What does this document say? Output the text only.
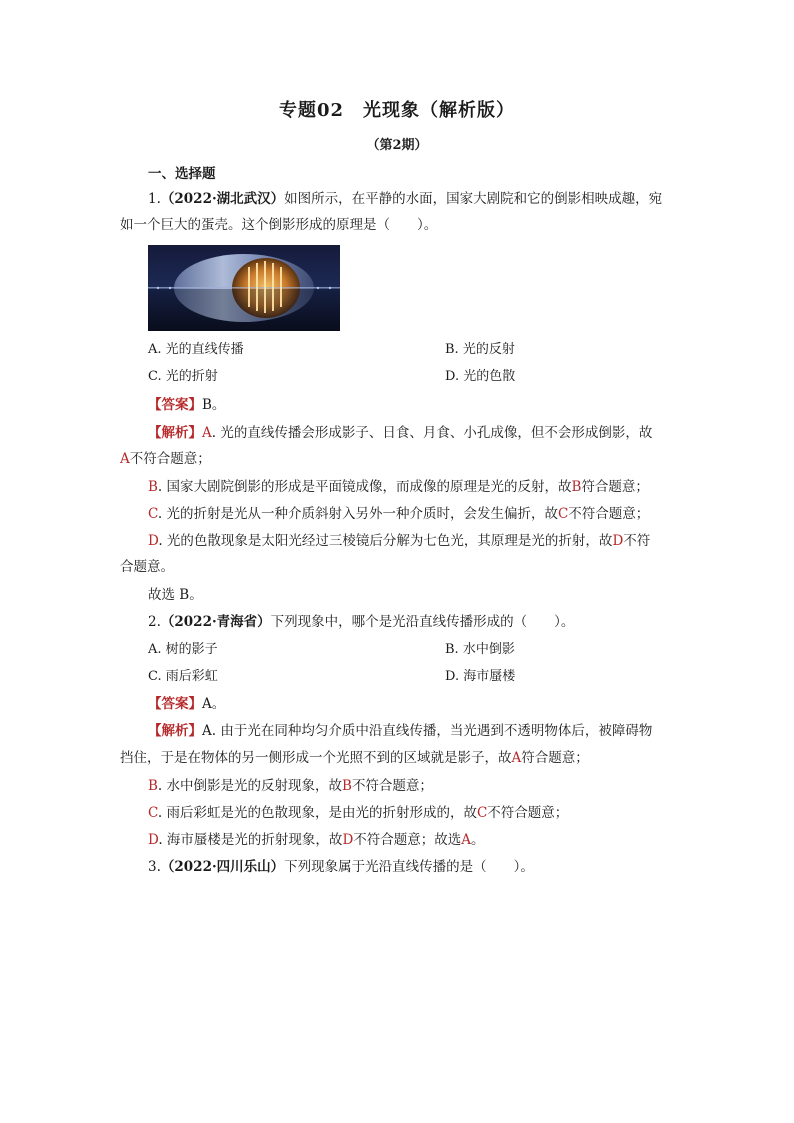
专题02　光现象（解析版）
（第2期）
一、选择题
1.（2022·湖北武汉）如图所示，在平静的水面，国家大剧院和它的倒影相映成趣，宛
如一个巨大的蛋壳。这个倒影形成的原理是（　　）。
A. 光的直线传播	B. 光的反射
C. 光的折射	D. 光的色散
【答案】B。
【解析】A. 光的直线传播会形成影子、日食、月食、小孔成像，但不会形成倒影，故
A不符合题意；
B. 国家大剧院倒影的形成是平面镜成像，而成像的原理是光的反射，故B符合题意；
C. 光的折射是光从一种介质斜射入另外一种介质时，会发生偏折，故C不符合题意；
D. 光的色散现象是太阳光经过三棱镜后分解为七色光，其原理是光的折射，故D不符
合题意。
故选 B。
2.（2022·青海省）下列现象中，哪个是光沿直线传播形成的（　　）。
A. 树的影子	B. 水中倒影
C. 雨后彩虹	D. 海市蜃楼
【答案】A。
【解析】A. 由于光在同种均匀介质中沿直线传播，当光遇到不透明物体后，被障碍物
挡住，于是在物体的另一侧形成一个光照不到的区域就是影子，故A符合题意；
B. 水中倒影是光的反射现象，故B不符合题意；
C. 雨后彩虹是光的色散现象，是由光的折射形成的，故C不符合题意；
D. 海市蜃楼是光的折射现象，故D不符合题意；故选A。
3.（2022·四川乐山）下列现象属于光沿直线传播的是（　　）。
